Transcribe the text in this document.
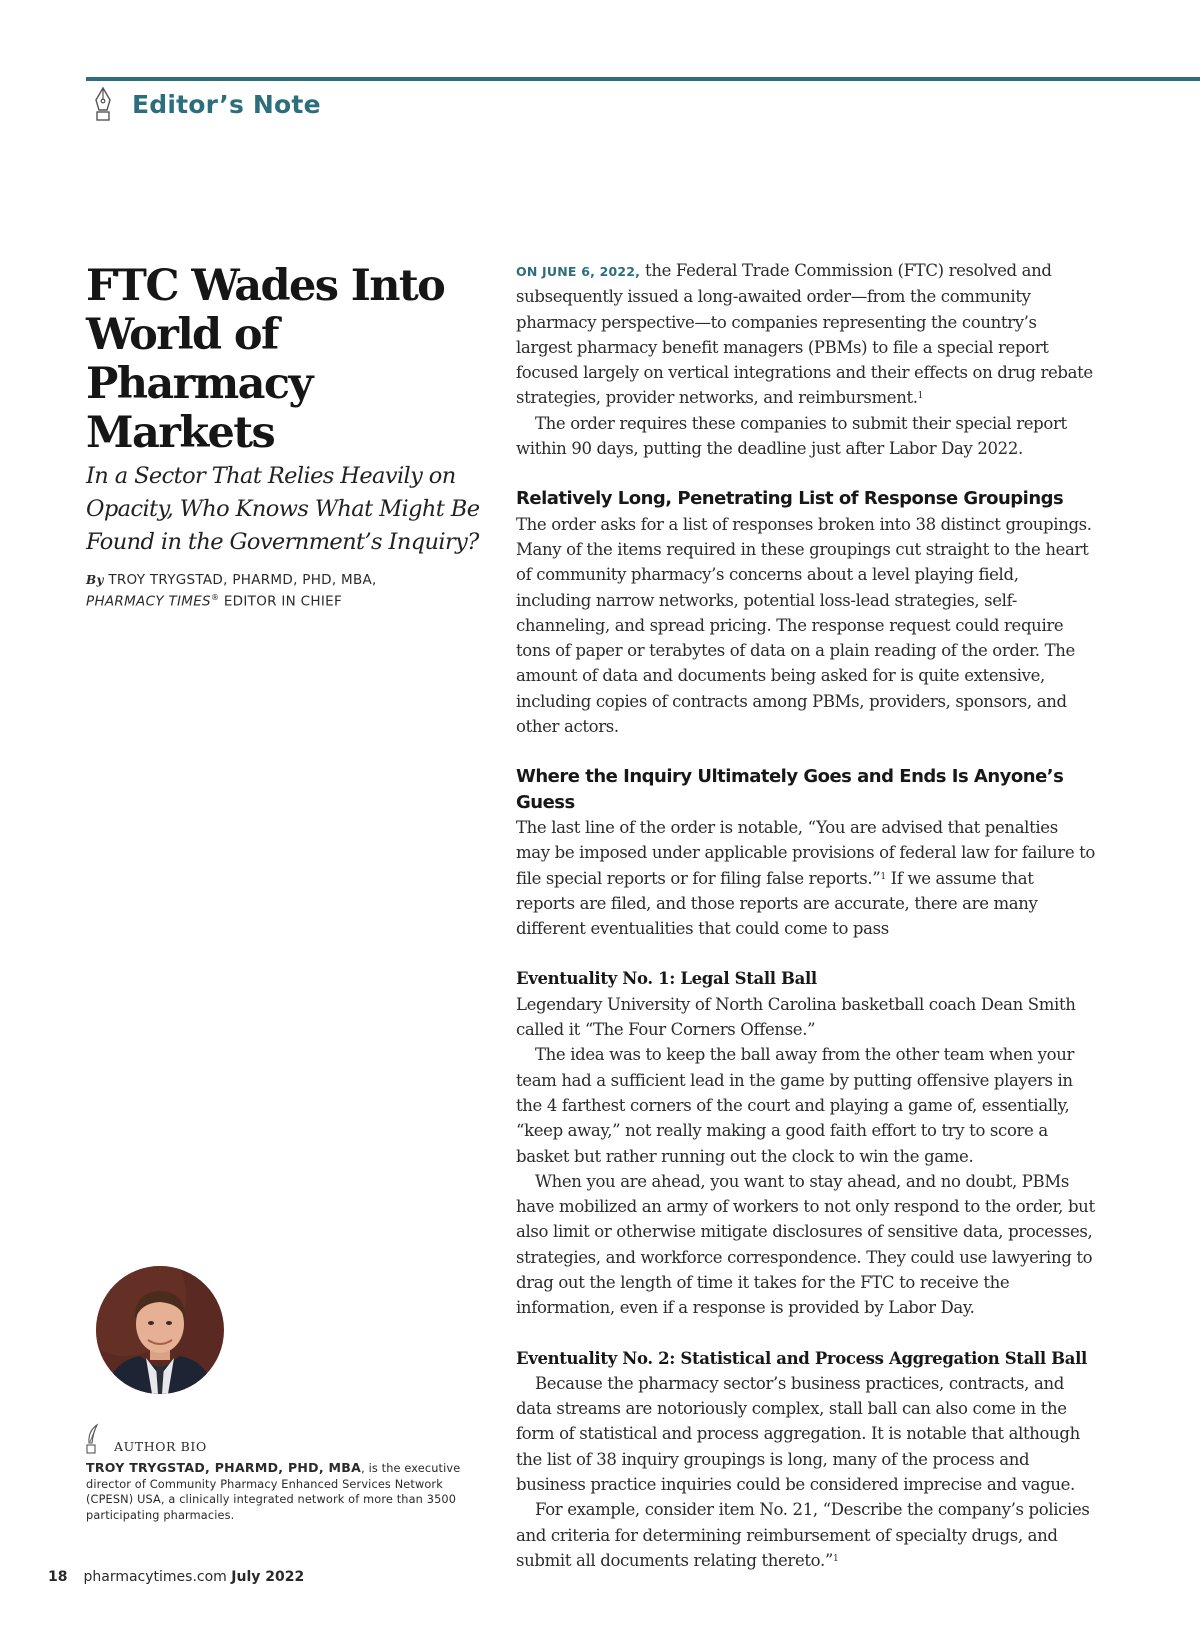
Editor’s Note
FTC Wades Into World of Pharmacy Markets

In a Sector That Relies Heavily on Opacity, Who Knows What Might Be Found in the Government’s Inquiry?

By TROY TRYGSTAD, PHARMD, PHD, MBA,
PHARMACY TIMES® EDITOR IN CHIEF
AUTHOR BIO
TROY TRYGSTAD, PHARMD, PHD, MBA, is the executive director of Community Pharmacy Enhanced Services Network (CPESN) USA, a clinically integrated network of more than 3500 participating pharmacies.

ON JUNE 6, 2022, the Federal Trade Commission (FTC) resolved and subsequently issued a long-awaited order—from the community pharmacy perspective—to companies representing the country’s largest pharmacy benefit managers (PBMs) to file a special report focused largely on vertical integrations and their effects on drug rebate strategies, provider networks, and reimbursment.$^1$

The order requires these companies to submit their special report within 90 days, putting the deadline just after Labor Day 2022.

Relatively Long, Penetrating List of Response Groupings

The order asks for a list of responses broken into 38 distinct groupings. Many of the items required in these groupings cut straight to the heart of community pharmacy’s concerns about a level playing field, including narrow networks, potential loss-lead strategies, self-channeling, and spread pricing. The response request could require tons of paper or terabytes of data on a plain reading of the order. The amount of data and documents being asked for is quite extensive, including copies of contracts among PBMs, providers, sponsors, and other actors.

Where the Inquiry Ultimately Goes and Ends Is Anyone’s Guess

The last line of the order is notable, “You are advised that penalties may be imposed under applicable provisions of federal law for failure to file special reports or for filing false reports.”$^1$ If we assume that reports are filed, and those reports are accurate, there are many different eventualities that could come to pass

Eventuality No. 1: Legal Stall Ball

Legendary University of North Carolina basketball coach Dean Smith called it “The Four Corners Offense.”

The idea was to keep the ball away from the other team when your team had a sufficient lead in the game by putting offensive players in the 4 farthest corners of the court and playing a game of, essentially, “keep away,” not really making a good faith effort to try to score a basket but rather running out the clock to win the game.

When you are ahead, you want to stay ahead, and no doubt, PBMs have mobilized an army of workers to not only respond to the order, but also limit or otherwise mitigate disclosures of sensitive data, processes, strategies, and workforce correspondence. They could use lawyering to drag out the length of time it takes for the FTC to receive the information, even if a response is provided by Labor Day.

Eventuality No. 2: Statistical and Process Aggregation Stall Ball

Because the pharmacy sector’s business practices, contracts, and data streams are notoriously complex, stall ball can also come in the form of statistical and process aggregation. It is notable that although the list of 38 inquiry groupings is long, many of the process and business practice inquiries could be considered imprecise and vague.

For example, consider item No. 21, “Describe the company’s policies and criteria for determining reimbursement of specialty drugs, and submit all documents relating thereto.”$^1$

18 pharmacytimes.com July 2022
